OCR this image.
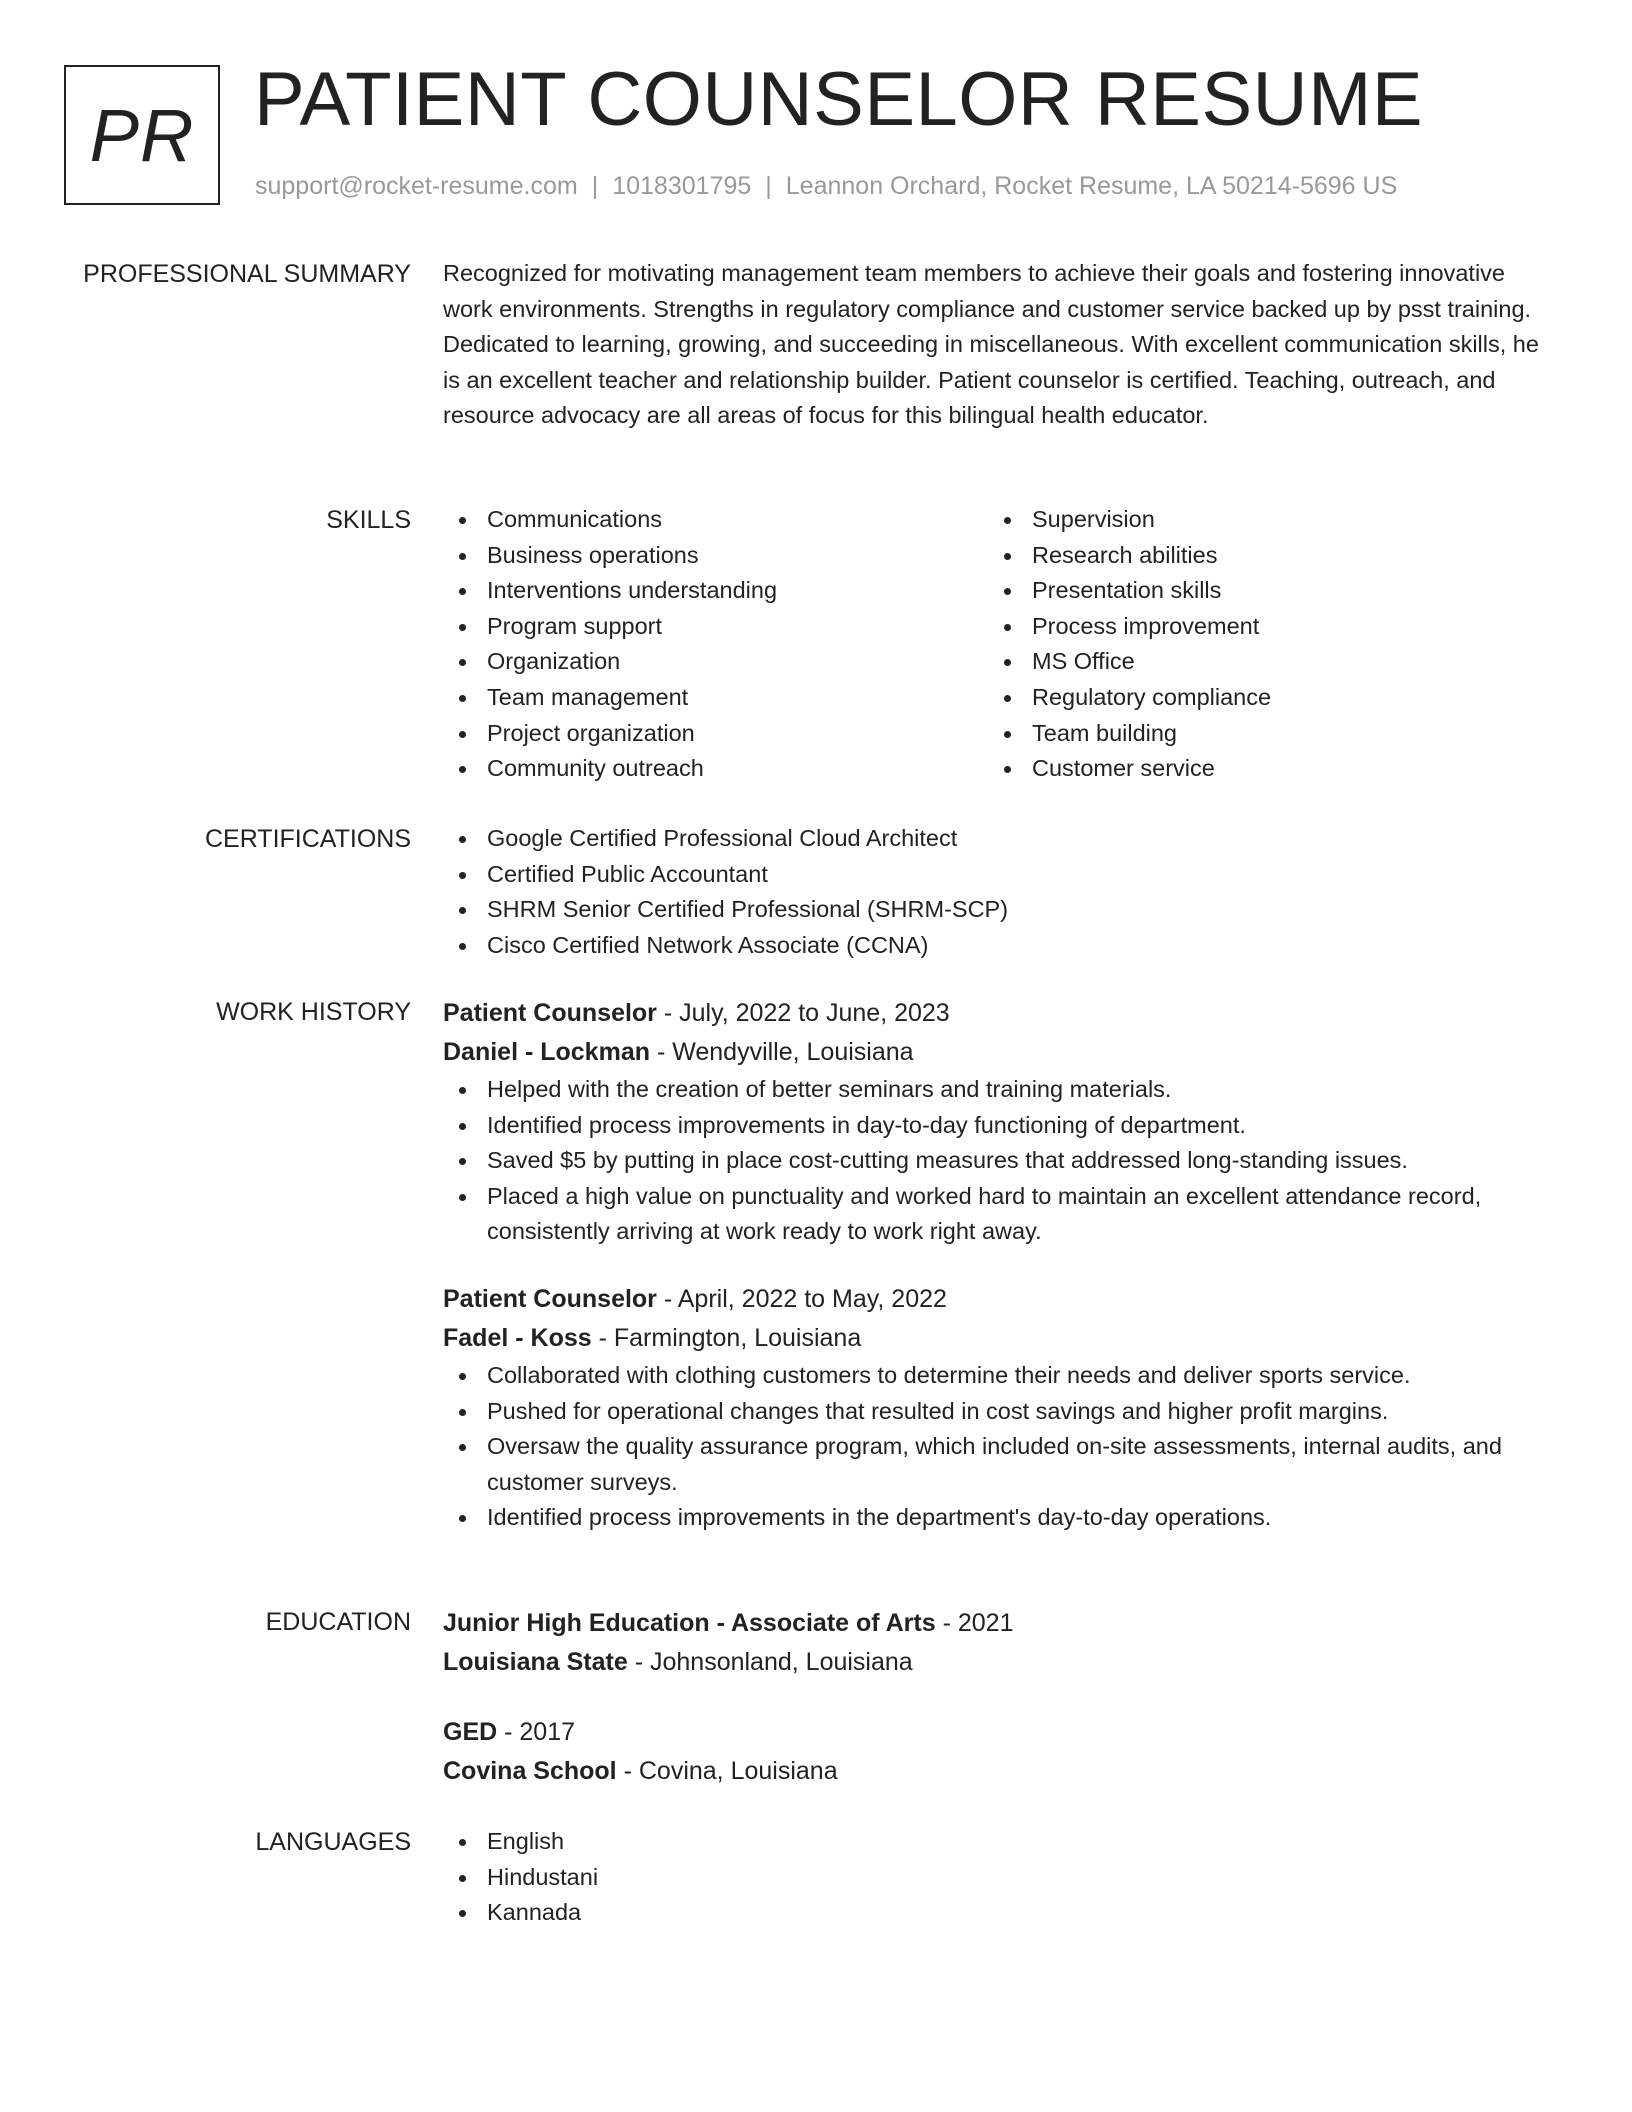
PR PATIENT COUNSELOR RESUME
support@rocket-resume.com | 1018301795 | Leannon Orchard, Rocket Resume, LA 50214-5696 US
PROFESSIONAL SUMMARY Recognized for motivating management team members to achieve their goals and fostering innovative work environments. Strengths in regulatory compliance and customer service backed up by psst training. Dedicated to learning, growing, and succeeding in miscellaneous. With excellent communication skills, he is an excellent teacher and relationship builder. Patient counselor is certified. Teaching, outreach, and resource advocacy are all areas of focus for this bilingual health educator.

SKILLS	Communications
Business operations
Interventions understanding
Program support
Organization
Team management
Project organization
Community outreach
Supervision
Research abilities
Presentation skills
Process improvement
MS Office
Regulatory compliance
Team building
Customer service
CERTIFICATIONS	Google Certified Professional Cloud Architect
Certified Public Accountant
SHRM Senior Certified Professional (SHRM-SCP)
Cisco Certified Network Associate (CCNA)
WORK HISTORY Patient Counselor - July, 2022 to June, 2023
Daniel - Lockman - Wendyville, Louisiana
Helped with the creation of better seminars and training materials.
Identified process improvements in day-to-day functioning of department.
Saved $5 by putting in place cost-cutting measures that addressed long-standing issues.
Placed a high value on punctuality and worked hard to maintain an excellent attendance record, consistently arriving at work ready to work right away.
Patient Counselor - April, 2022 to May, 2022
Fadel - Koss - Farmington, Louisiana
Collaborated with clothing customers to determine their needs and deliver sports service.
Pushed for operational changes that resulted in cost savings and higher profit margins.
Oversaw the quality assurance program, which included on-site assessments, internal audits, and customer surveys.
Identified process improvements in the department's day-to-day operations.
EDUCATION Junior High Education - Associate of Arts - 2021
Louisiana State - Johnsonland, Louisiana
GED - 2017
Covina School - Covina, Louisiana
LANGUAGES	English
Hindustani
Kannada
